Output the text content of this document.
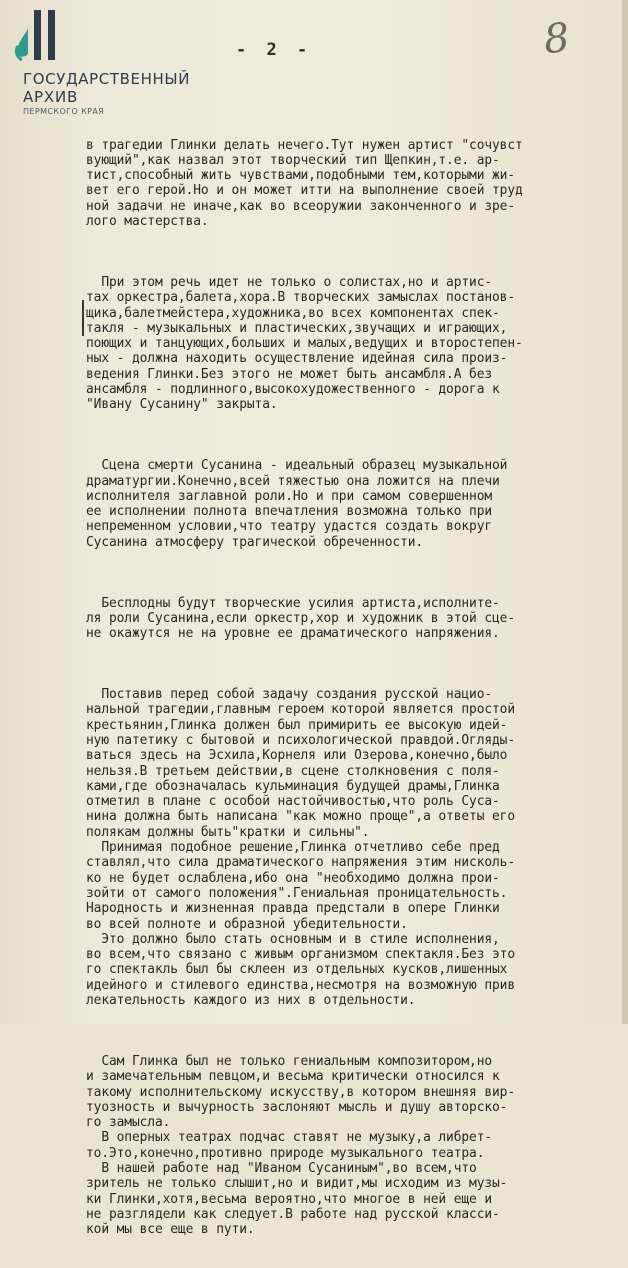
ГОСУДАРСТВЕННЫЙ
АРХИВ
ПЕРМСКОГО КРАЯ
- 2 -	8

в трагедии Глинки делать нечего.Тут нужен артист "сочувст
вующий",как назвал этот творческий тип Щепкин,т.е. ар-
тист,способный жить чувствами,подобными тем,которыми жи-
вет его герой.Но и он может итти на выполнение своей труд
ной задачи не иначе,как во всеоружии законченного и зре-
лого мастерства.

При этом речь идет не только о солистах,но и артис-
тах оркестра,балета,хора.В творческих замыслах постанов-
щика,балетмейстера,художника,во всех компонентах спек-
такля - музыкальных и пластических,звучащих и играющих,
поющих и танцующих,больших и малых,ведущих и второстепен-
ных - должна находить осуществление идейная сила произ-
ведения Глинки.Без этого не может быть ансамбля.А без
ансамбля - подлинного,высокохудожественного - дорога к
"Ивану Сусанину" закрыта.

Сцена смерти Сусанина - идеальный образец музыкальной
драматургии.Конечно,всей тяжестью она ложится на плечи
исполнителя заглавной роли.Но и при самом совершенном
ее исполнении полнота впечатления возможна только при
непременном условии,что театру удастся создать вокруг
Сусанина атмосферу трагической обреченности.

Бесплодны будут творческие усилия артиста,исполните-
ля роли Сусанина,если оркестр,хор и художник в этой сце-
не окажутся не на уровне ее драматического напряжения.

Поставив перед собой задачу создания русской нацио-
нальной трагедии,главным героем которой является простой
крестьянин,Глинка должен был примирить ее высокую идей-
ную патетику с бытовой и психологической правдой.Огляды-
ваться здесь на Эсхила,Корнеля или Озерова,конечно,было
нельзя.В третьем действии,в сцене столкновения с поля-
ками,где обозначалась кульминация будущей драмы,Глинка
отметил в плане с особой настойчивостью,что роль Суса-
нина должна быть написана "как можно проще",а ответы его
полякам должны быть"кратки и сильны".
Принимая подобное решение,Глинка отчетливо себе пред
ставлял,что сила драматического напряжения этим нисколь-
ко не будет ослаблена,ибо она "необходимо должна прои-
зойти от самого положения".Гениальная проницательность.
Народность и жизненная правда предстали в опере Глинки
во всей полноте и образной убедительности.
Это должно было стать основным и в стиле исполнения,
во всем,что связано с живым организмом спектакля.Без это
го спектакль был бы склеен из отдельных кусков,лишенных
идейного и стилевого единства,несмотря на возможную прив
лекательность каждого из них в отдельности.

Сам Глинка был не только гениальным композитором,но
и замечательным певцом,и весьма критически относился к
такому исполнительскому искусству,в котором внешняя вир-
туозность и вычурность заслоняют мысль и душу авторско-
го замысла.
В оперных театрах подчас ставят не музыку,а либрет-
то.Это,конечно,противно природе музыкального театра.
В нашей работе над "Иваном Сусаниным",во всем,что
зритель не только слышит,но и видит,мы исходим из музы-
ки Глинки,хотя,весьма вероятно,что многое в ней еще и
не разглядели как следует.В работе над русской класси-
кой мы все еще в пути.
